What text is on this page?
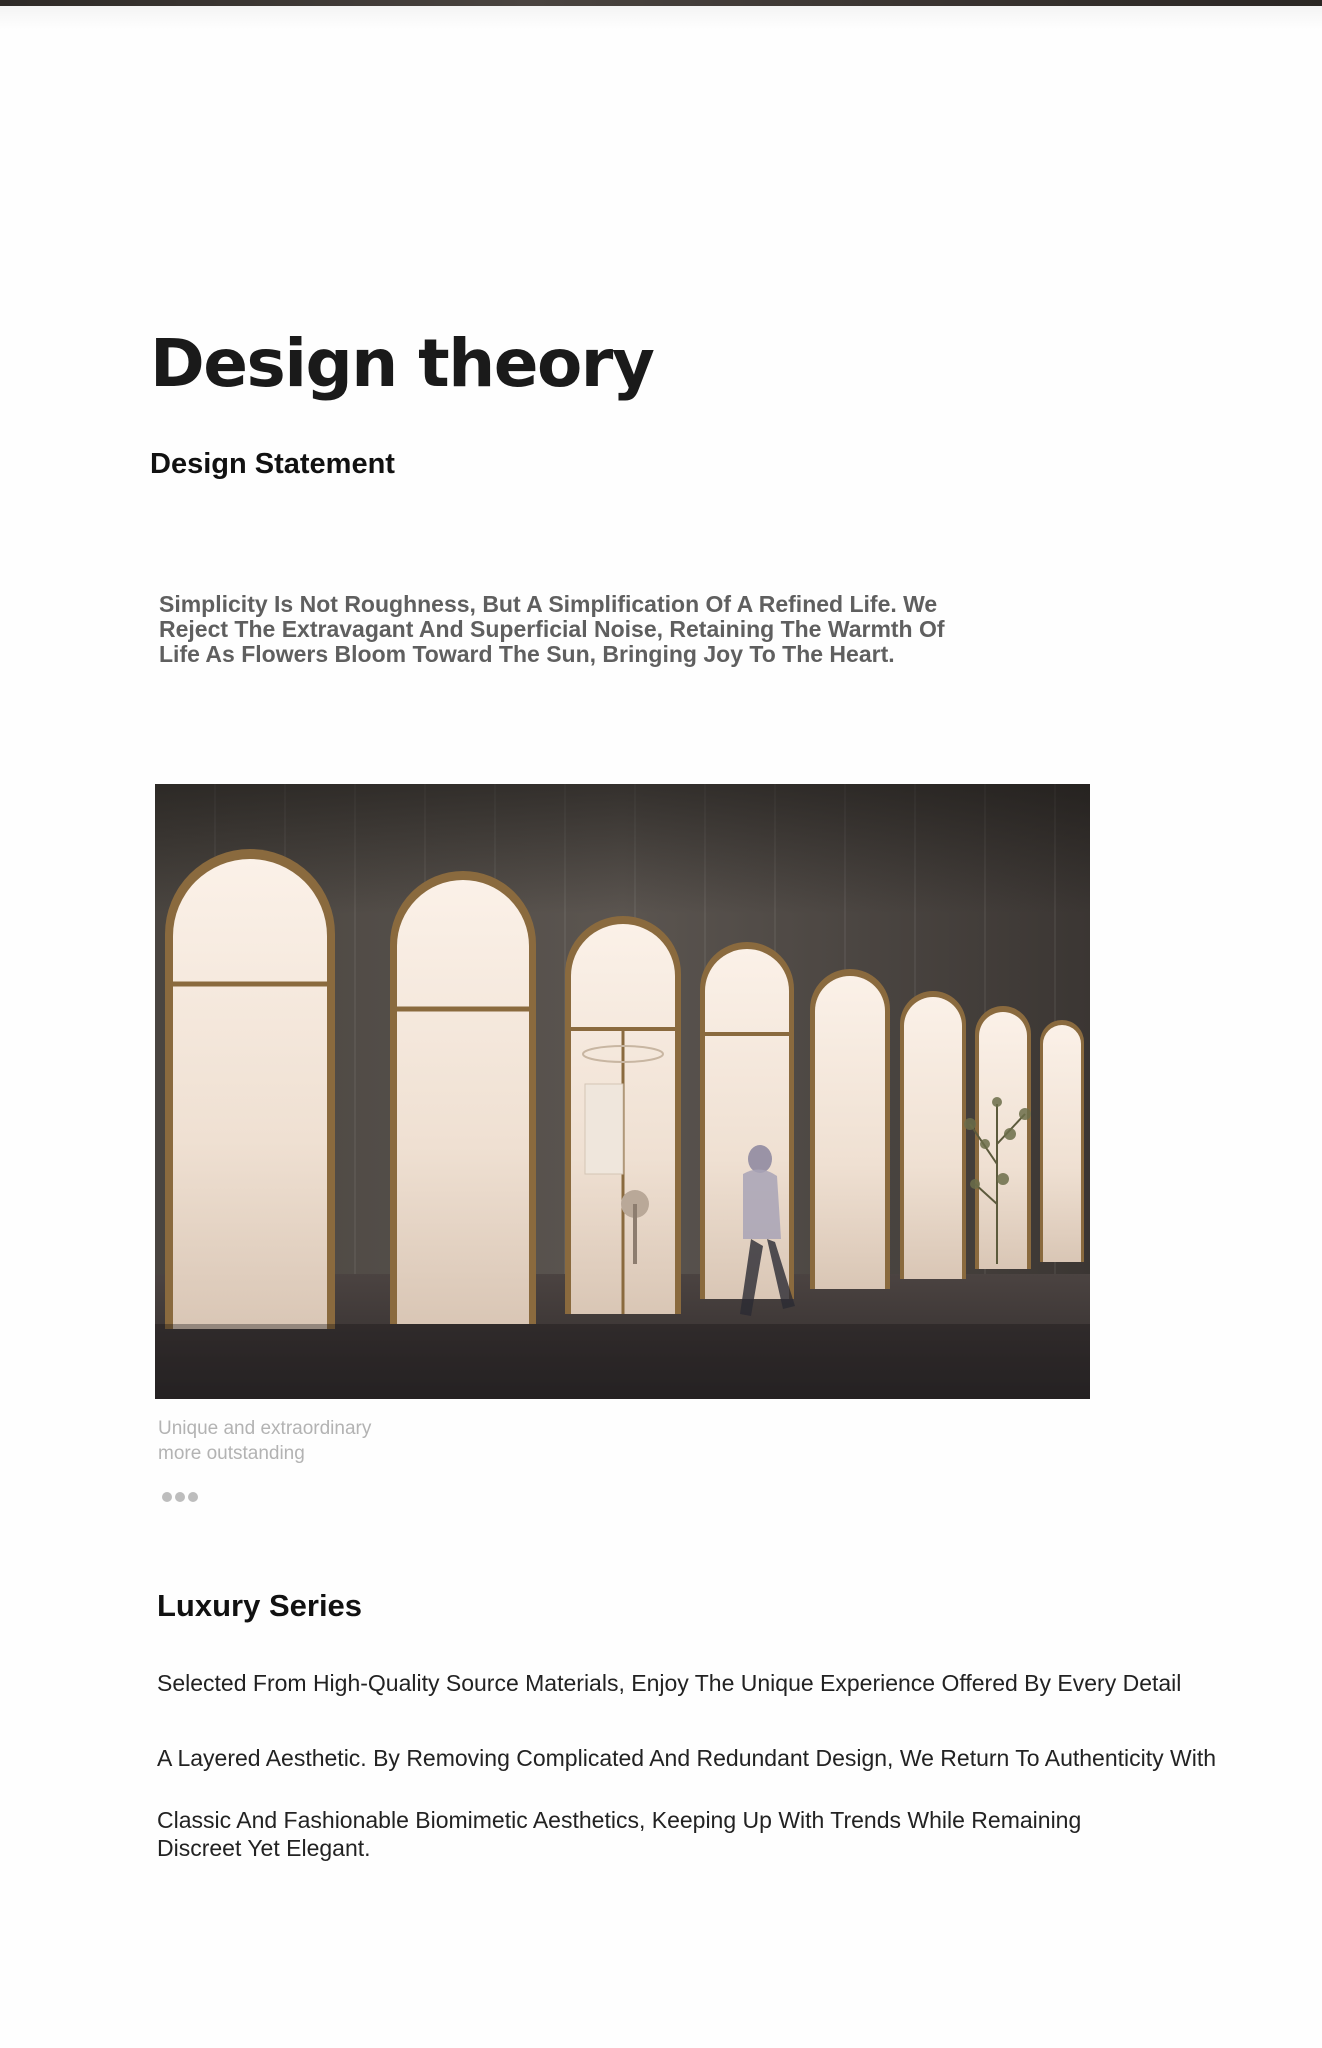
Design theory
Design Statement
Simplicity Is Not Roughness, But A Simplification Of A Refined Life. We Reject The Extravagant And Superficial Noise, Retaining The Warmth Of Life As Flowers Bloom Toward The Sun, Bringing Joy To The Heart.
Unique and extraordinary
more outstanding
Luxury Series
Selected From High-Quality Source Materials, Enjoy The Unique Experience Offered By Every Detail
A Layered Aesthetic. By Removing Complicated And Redundant Design, We Return To Authenticity With
Classic And Fashionable Biomimetic Aesthetics, Keeping Up With Trends While Remaining Discreet Yet Elegant.
